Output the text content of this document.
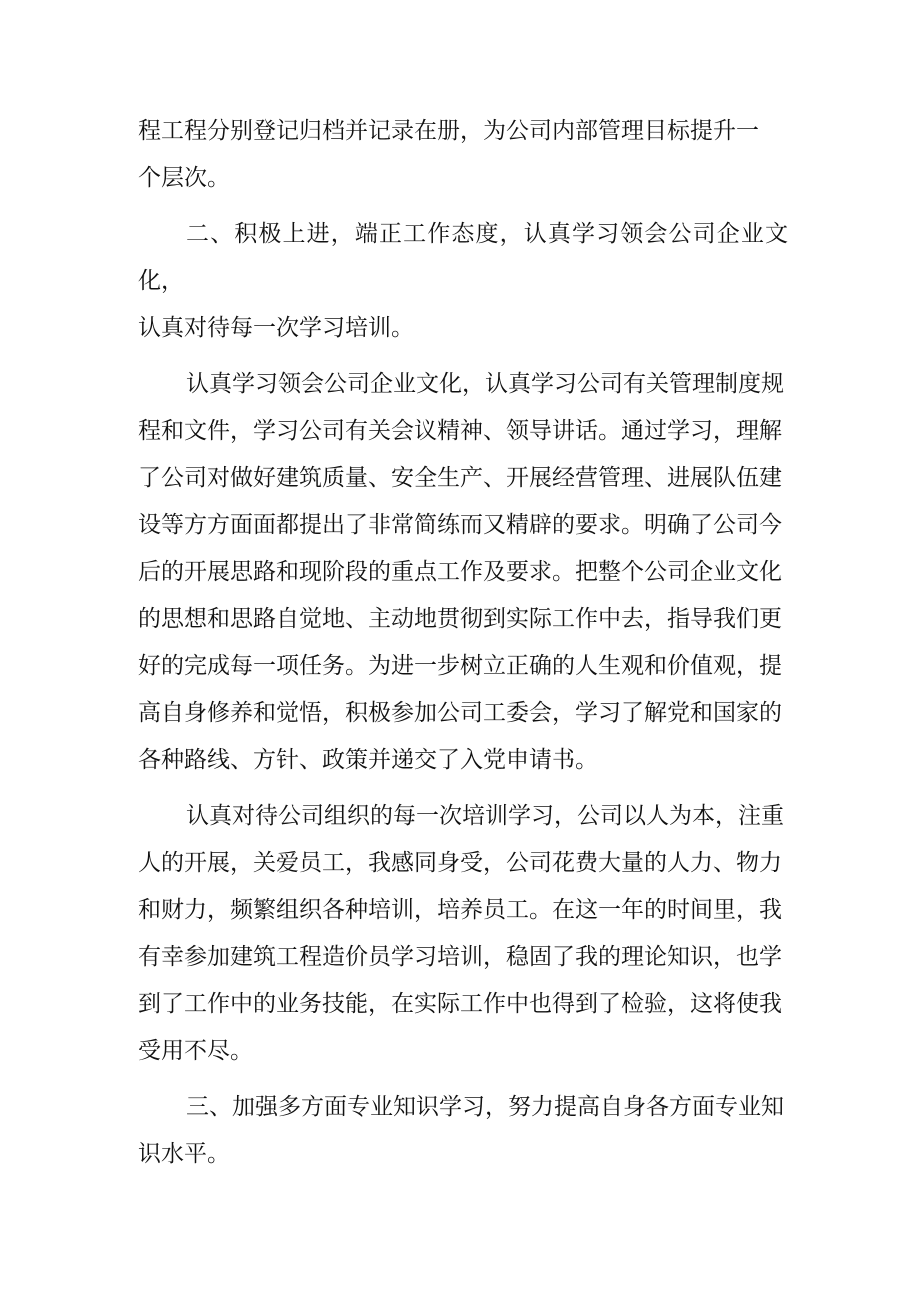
程工程分别登记归档并记录在册，为公司内部管理目标提升一
个层次。

二、积极上进，端正工作态度，认真学习领会公司企业文化，
认真对待每一次学习培训。

认真学习领会公司企业文化，认真学习公司有关管理制度规
程和文件，学习公司有关会议精神、领导讲话。通过学习，理解
了公司对做好建筑质量、安全生产、开展经营管理、进展队伍建
设等方方面面都提出了非常简练而又精辟的要求。明确了公司今
后的开展思路和现阶段的重点工作及要求。把整个公司企业文化
的思想和思路自觉地、主动地贯彻到实际工作中去，指导我们更
好的完成每一项任务。为进一步树立正确的人生观和价值观，提
高自身修养和觉悟，积极参加公司工委会，学习了解党和国家的
各种路线、方针、政策并递交了入党申请书。

认真对待公司组织的每一次培训学习，公司以人为本，注重
人的开展，关爱员工，我感同身受，公司花费大量的人力、物力
和财力，频繁组织各种培训，培养员工。在这一年的时间里，我
有幸参加建筑工程造价员学习培训，稳固了我的理论知识，也学
到了工作中的业务技能，在实际工作中也得到了检验，这将使我
受用不尽。

三、加强多方面专业知识学习，努力提高自身各方面专业知
识水平。
